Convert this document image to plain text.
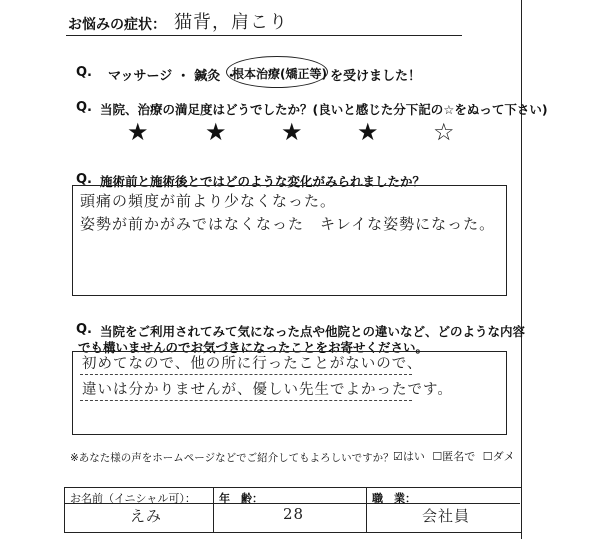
お悩みの症状： 猫背，肩こり
Q. マッサージ ・ 鍼灸 ・
根本治療(矯正等) を受けました！
Q. 当院、治療の満足度はどうでしたか？(良いと感じた分下記の☆をぬって下さい)
★ ★ ★ ★ ☆
Q. 施術前と施術後とではどのような変化がみられましたか？
頭痛の頻度が前より少なくなった。
姿勢が前かがみではなくなった　キレイな姿勢になった。
Q. 当院をご利用されてみて気になった点や他院との違いなど、どのような内容
でも構いませんのでお気づきになったことをお寄せください。
初めてなので、他の所に行ったことがないので、
違いは分かりませんが、優しい先生でよかったです。
※あなた様の声をホームページなどでご紹介してもよろしいですか？ ☑はい ☐匿名で ☐ダメ
お名前（イニシャル可）：
えみ
年　齢：
28
職　業：
会社員
